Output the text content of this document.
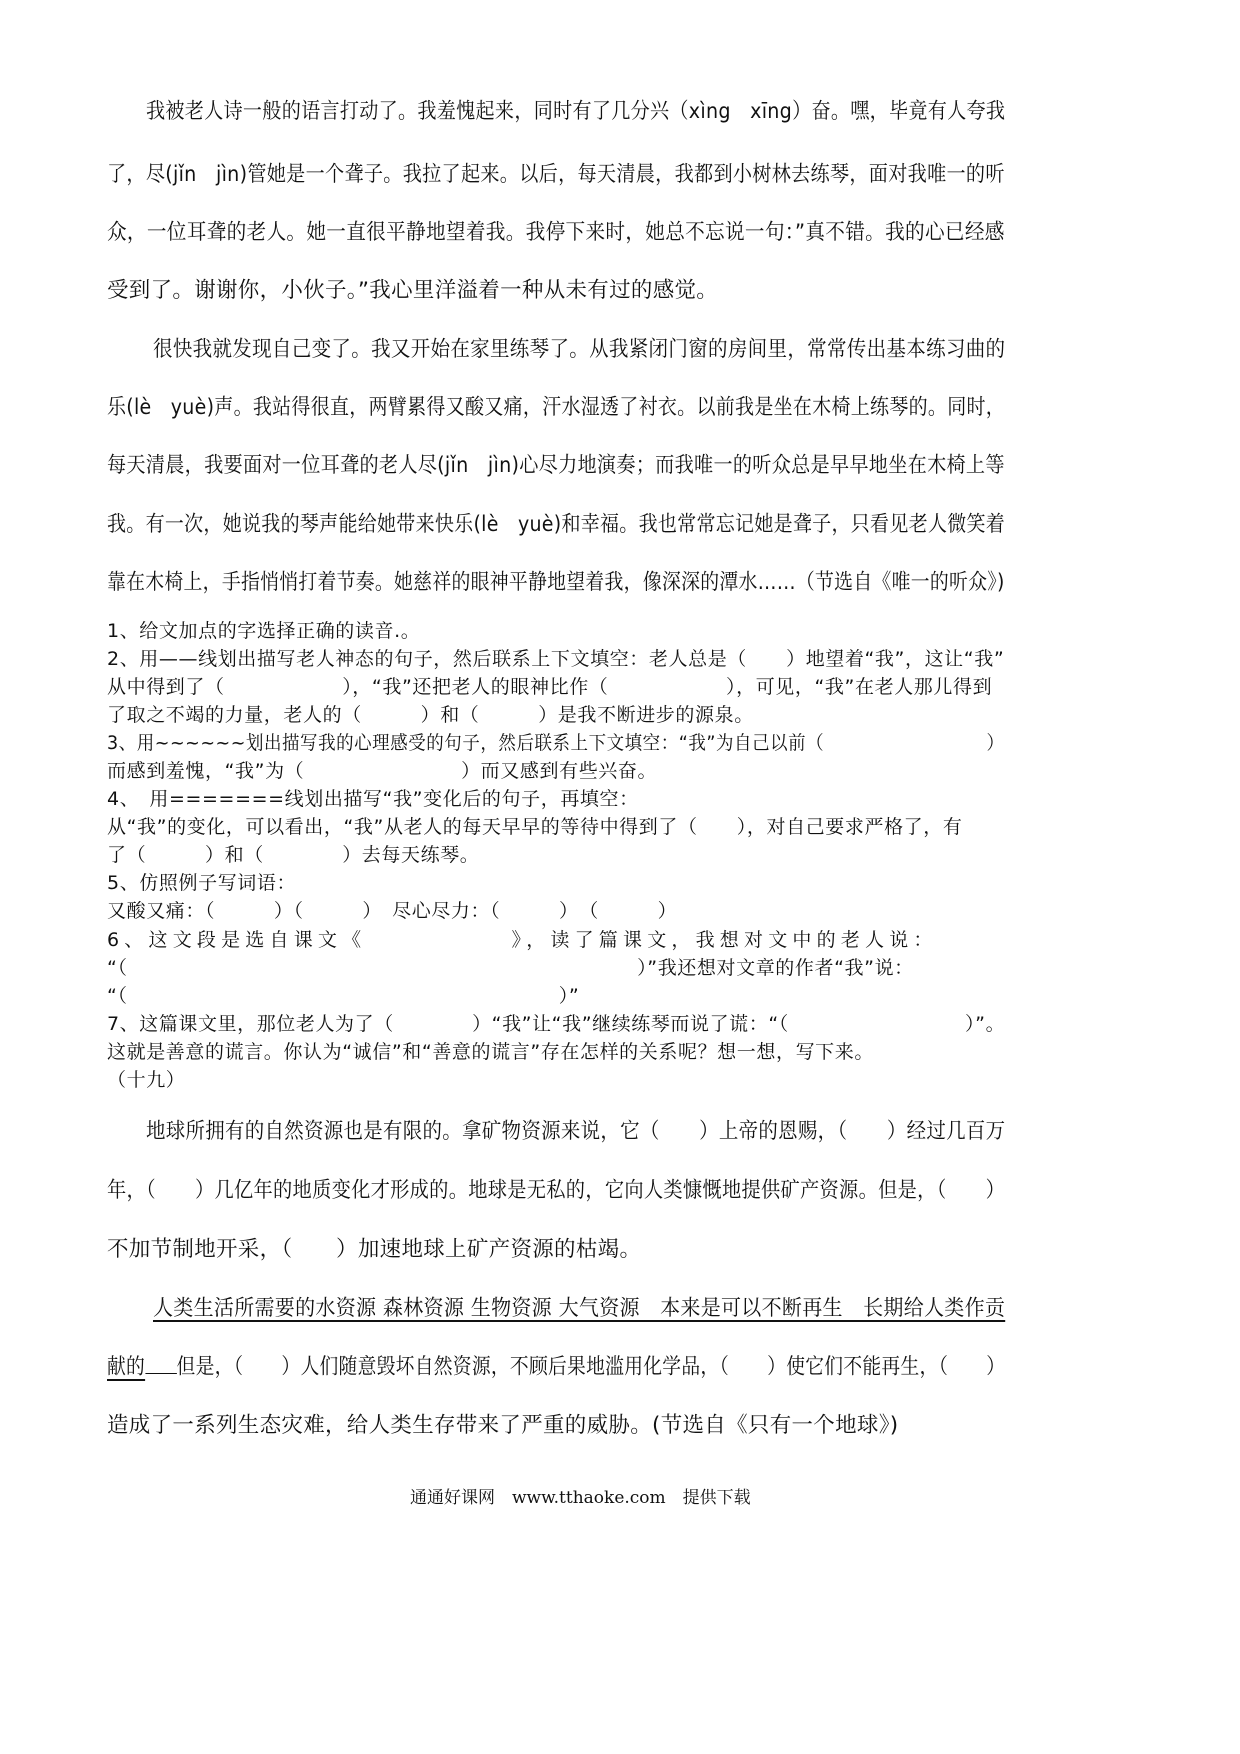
我被老人诗一般的语言打动了。我羞愧起来，同时有了几分兴（xìng　xīng）奋。嘿，毕竟有人夸我
了，尽(jǐn　jìn)管她是一个聋子。我拉了起来。以后，每天清晨，我都到小树林去练琴，面对我唯一的听
众，一位耳聋的老人。她一直很平静地望着我。我停下来时，她总不忘说一句：”真不错。我的心已经感
受到了。谢谢你，小伙子。”我心里洋溢着一种从未有过的感觉。
很快我就发现自己变了。我又开始在家里练琴了。从我紧闭门窗的房间里，常常传出基本练习曲的
乐(lè　yuè)声。我站得很直，两臂累得又酸又痛，汗水湿透了衬衣。以前我是坐在木椅上练琴的。同时，
每天清晨，我要面对一位耳聋的老人尽(jǐn　jìn)心尽力地演奏；而我唯一的听众总是早早地坐在木椅上等
我。有一次，她说我的琴声能给她带来快乐(lè　yuè)和幸福。我也常常忘记她是聋子，只看见老人微笑着
靠在木椅上，手指悄悄打着节奏。她慈祥的眼神平静地望着我，像深深的潭水……（节选自《唯一的听众》)
1、给文加点的字选择正确的读音.。
2、用——线划出描写老人神态的句子，然后联系上下文填空：老人总是（　　）地望着“我”，这让“我”
从中得到了（　　　　　　），“我”还把老人的眼神比作（　　　　　　），可见，“我”在老人那儿得到
了取之不竭的力量，老人的（　　　）和（　　　）是我不断进步的源泉。
3、用~~~~~~划出描写我的心理感受的句子，然后联系上下文填空：“我”为自己以前（　　　　　　　　　）
而感到羞愧，“我”为（　　　　　　　　）而又感到有些兴奋。
4、　用=======线划出描写“我”变化后的句子，再填空：
从“我”的变化，可以看出，“我”从老人的每天早早的等待中得到了（　　），对自己要求严格了，有
了（　　　）和（　　　　）去每天练琴。
5、仿照例子写词语：
又酸又痛：（　　　）（　　　）　尽心尽力：（　　　）　（　　　）
6、这文段是选自课文《　　　　　　》，读了篇课文，我想对文中的老人说：
“（　　　　　　　　　　　　　　　　　　　　　　　　　　）”我还想对文章的作者“我”说：
“（　　　　　　　　　　　　　　　　　　　　　　）”
7、这篇课文里，那位老人为了（　　　　）“我”让“我”继续练琴而说了谎：“（　　　　　　　　　）”。
这就是善意的谎言。你认为“诚信”和“善意的谎言”存在怎样的关系呢？想一想，写下来。
（十九）
地球所拥有的自然资源也是有限的。拿矿物资源来说，它（　　）上帝的恩赐，（　　）经过几百万
年，（　　）几亿年的地质变化才形成的。地球是无私的，它向人类慷慨地提供矿产资源。但是，（　　）
不加节制地开采，（　　）加速地球上矿产资源的枯竭。
人类生活所需要的水资源 森林资源 生物资源 大气资源　本来是可以不断再生　长期给人类作贡
献的 但是，（　　）人们随意毁坏自然资源，不顾后果地滥用化学品，（　　）使它们不能再生，（　　）
造成了一系列生态灾难，给人类生存带来了严重的威胁。(节选自《只有一个地球》)
通通好课网　www.tthaoke.com　提供下载
